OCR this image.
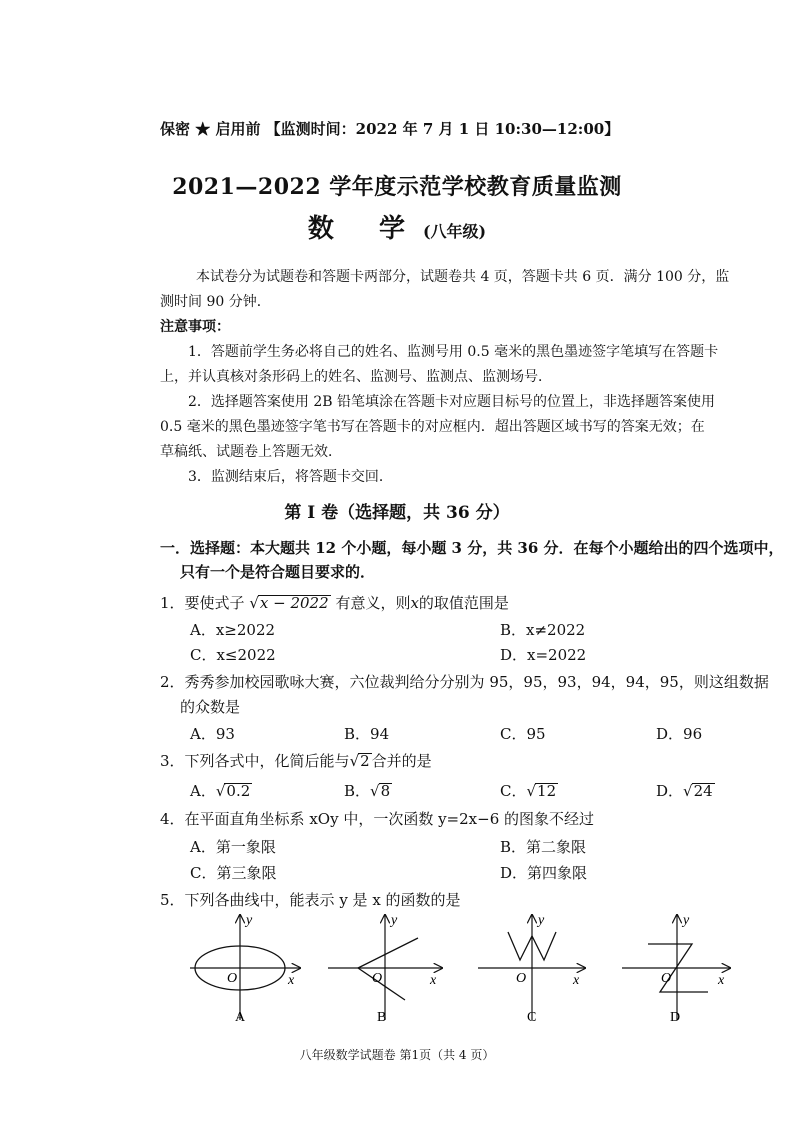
保密 ★ 启用前 【监测时间：2022 年 7 月 1 日 10:30—12:00】
2021—2022 学年度示范学校教育质量监测
数 学(八年级)
本试卷分为试题卷和答题卡两部分，试题卷共 4 页，答题卡共 6 页．满分 100 分，监
测时间 90 分钟．
注意事项：
1．答题前学生务必将自己的姓名、监测号用 0.5 毫米的黑色墨迹签字笔填写在答题卡
上，并认真核对条形码上的姓名、监测号、监测点、监测场号．
2．选择题答案使用 2B 铅笔填涂在答题卡对应题目标号的位置上，非选择题答案使用
0.5 毫米的黑色墨迹签字笔书写在答题卡的对应框内．超出答题区域书写的答案无效；在
草稿纸、试题卷上答题无效．
3．监测结束后，将答题卡交回．
第 I 卷（选择题，共 36 分）
一．选择题：本大题共 12 个小题，每小题 3 分，共 36 分．在每个小题给出的四个选项中，
只有一个是符合题目要求的．
1．要使式子 √x − 2022 有意义，则x的取值范围是
A．x≥2022	B．x≠2022
C．x≤2022	D．x=2022
2．秀秀参加校园歌咏大赛，六位裁判给分分别为 95，95，93，94，94，95，则这组数据
的众数是
A．93	B．94	C．95	D．96
3．下列各式中，化简后能与√2 合并的是
A．√0.2	B．√8	C．√12	D．√24
4．在平面直角坐标系 xOy 中，一次函数 y=2x−6 的图象不经过
A．第一象限	B．第二象限
C．第三象限	D．第四象限
5．下列各曲线中，能表示 y 是 x 的函数的是
y
x
O
A
y
x
O
B
y
x
O
C
y
x
O
D
八年级数学试题卷 第1页（共 4 页）
